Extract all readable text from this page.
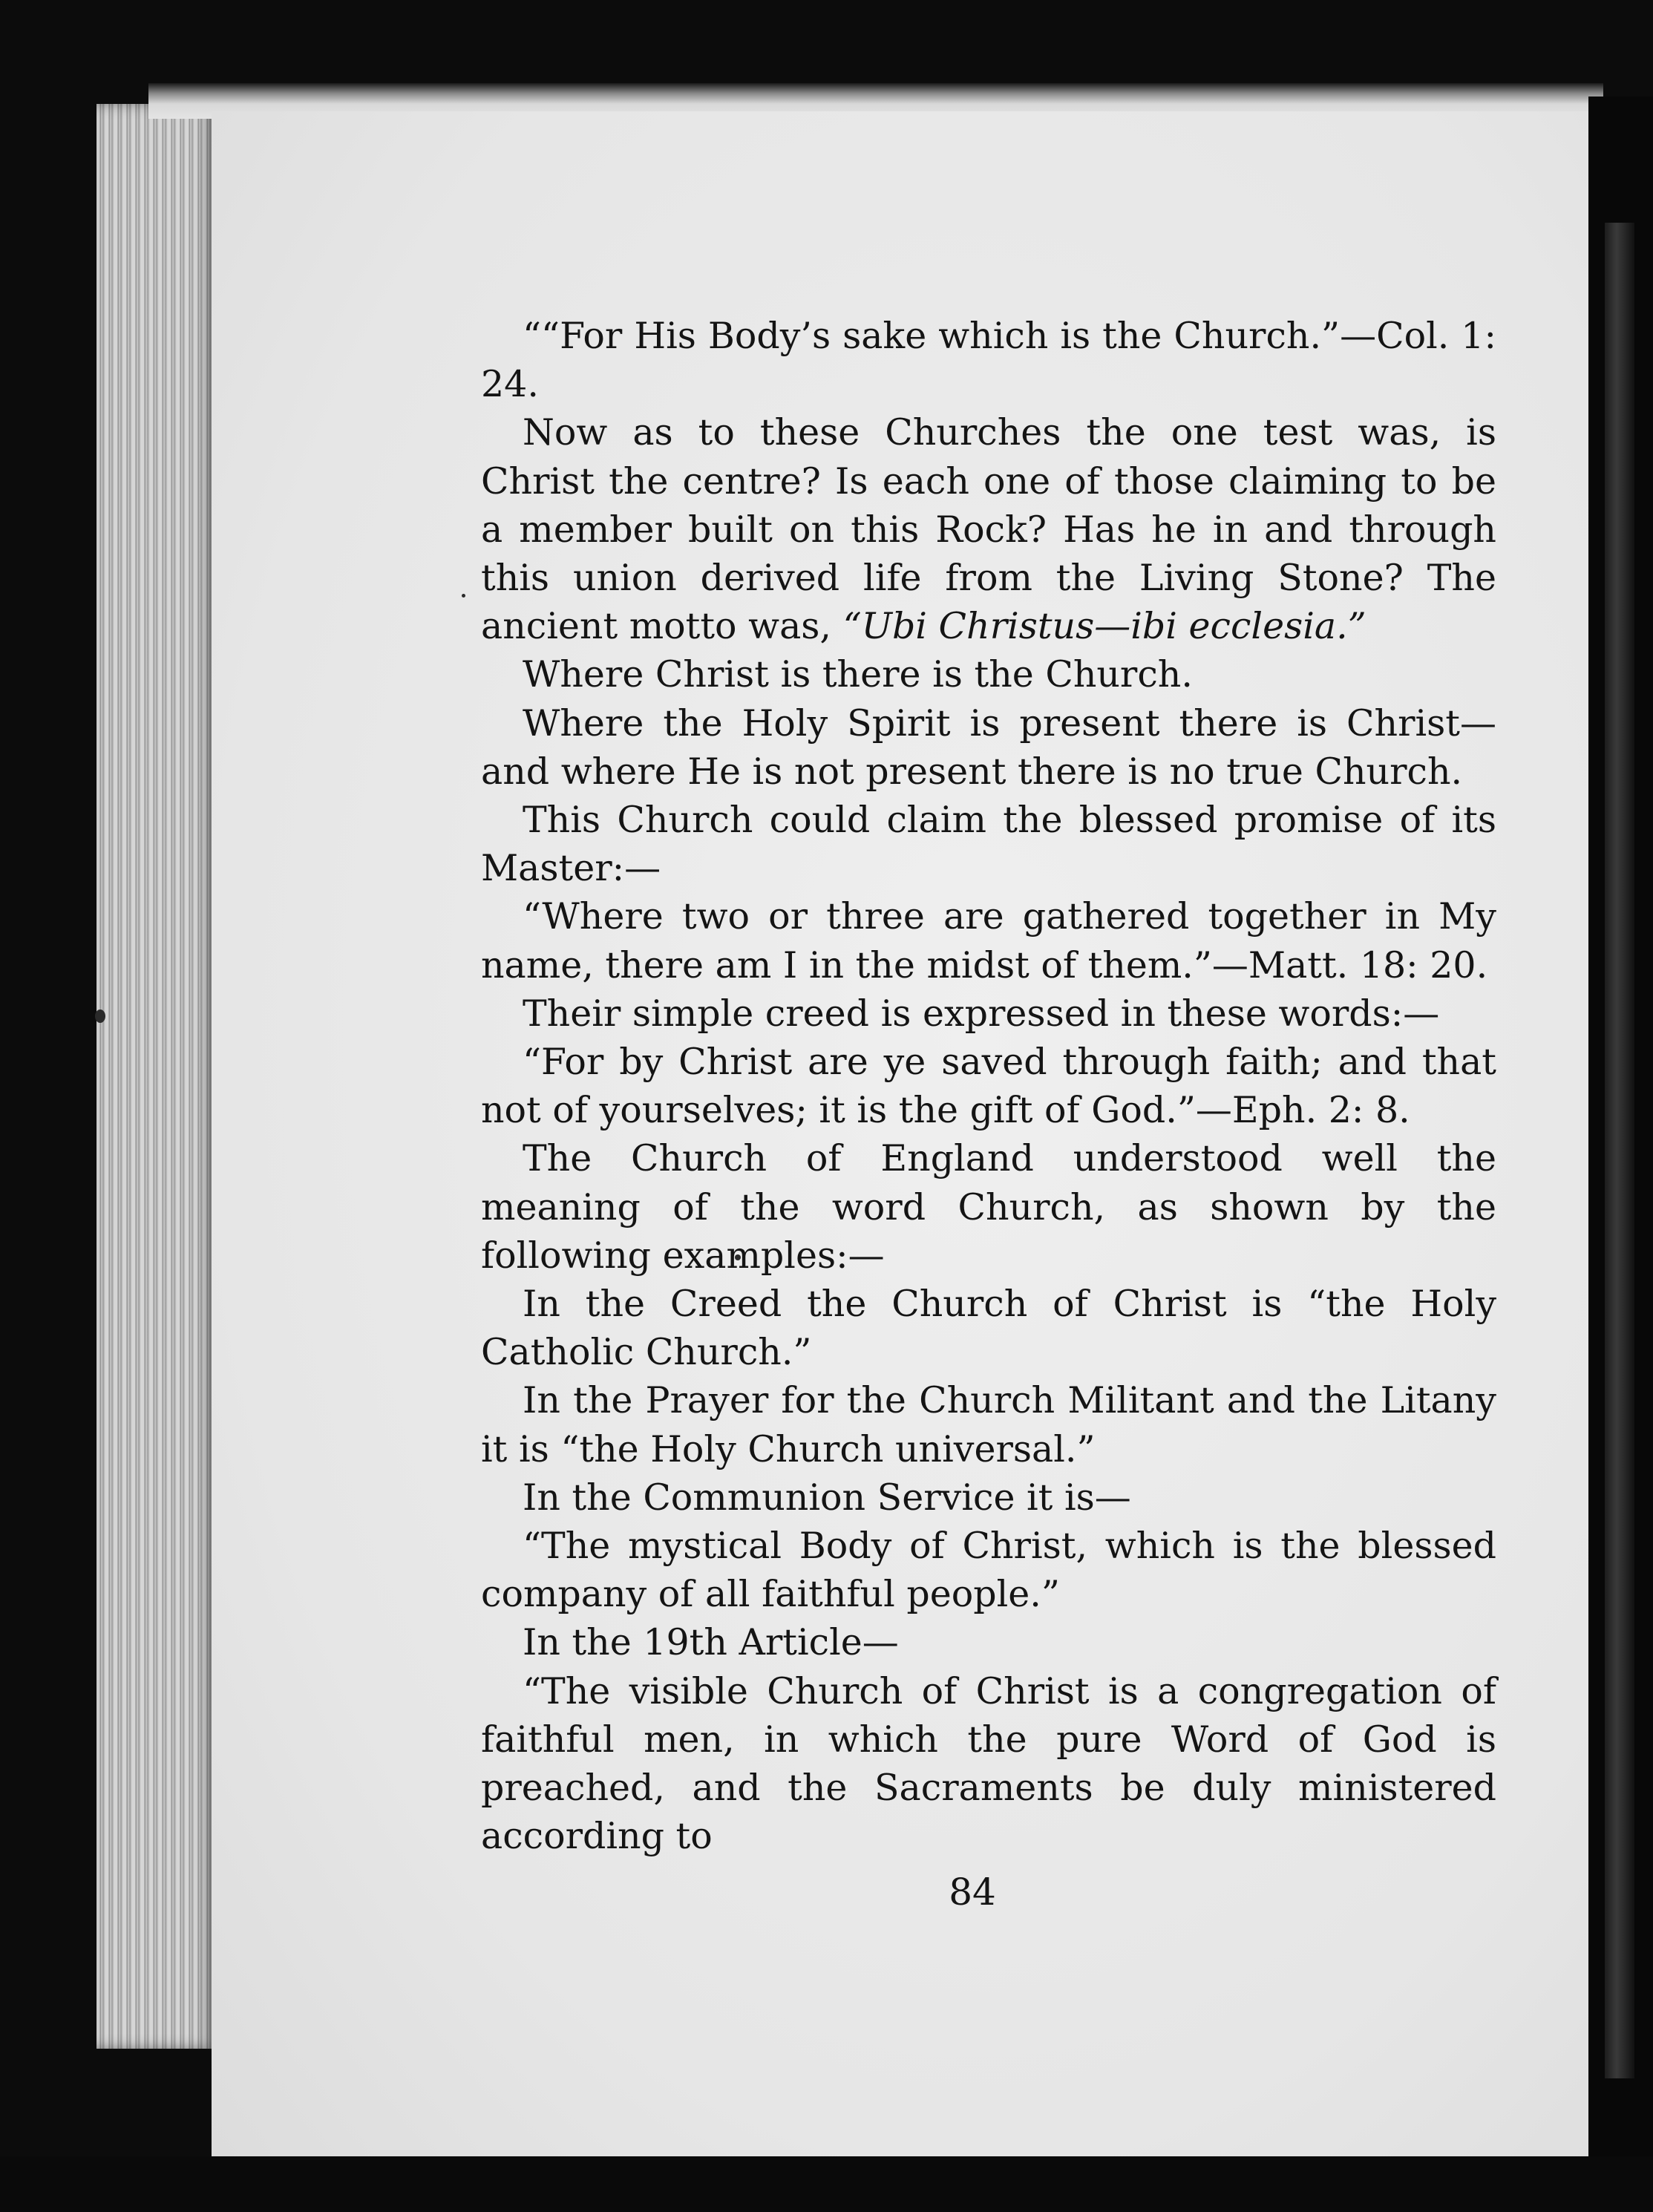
““For His Body’s sake which is the Church.”—Col. 1: 24.

Now as to these Churches the one test was, is Christ the centre? Is each one of those claiming to be a member built on this Rock? Has he in and through this union derived life from the Living Stone? The ancient motto was, “Ubi Christus—ibi ecclesia.”

Where Christ is there is the Church.

Where the Holy Spirit is present there is Christ— and where He is not present there is no true Church.

This Church could claim the blessed promise of its Master:—

“Where two or three are gathered together in My name, there am I in the midst of them.”—Matt. 18: 20.

Their simple creed is expressed in these words:—

“For by Christ are ye saved through faith; and that not of yourselves; it is the gift of God.”—Eph. 2: 8.

The Church of England understood well the meaning of the word Church, as shown by the following examples:—

In the Creed the Church of Christ is “the Holy Catholic Church.”

In the Prayer for the Church Militant and the Litany it is “the Holy Church universal.”

In the Communion Service it is—

“The mystical Body of Christ, which is the blessed company of all faithful people.”

In the 19th Article—

“The visible Church of Christ is a congregation of faithful men, in which the pure Word of God is preached, and the Sacraments be duly ministered according to

84
